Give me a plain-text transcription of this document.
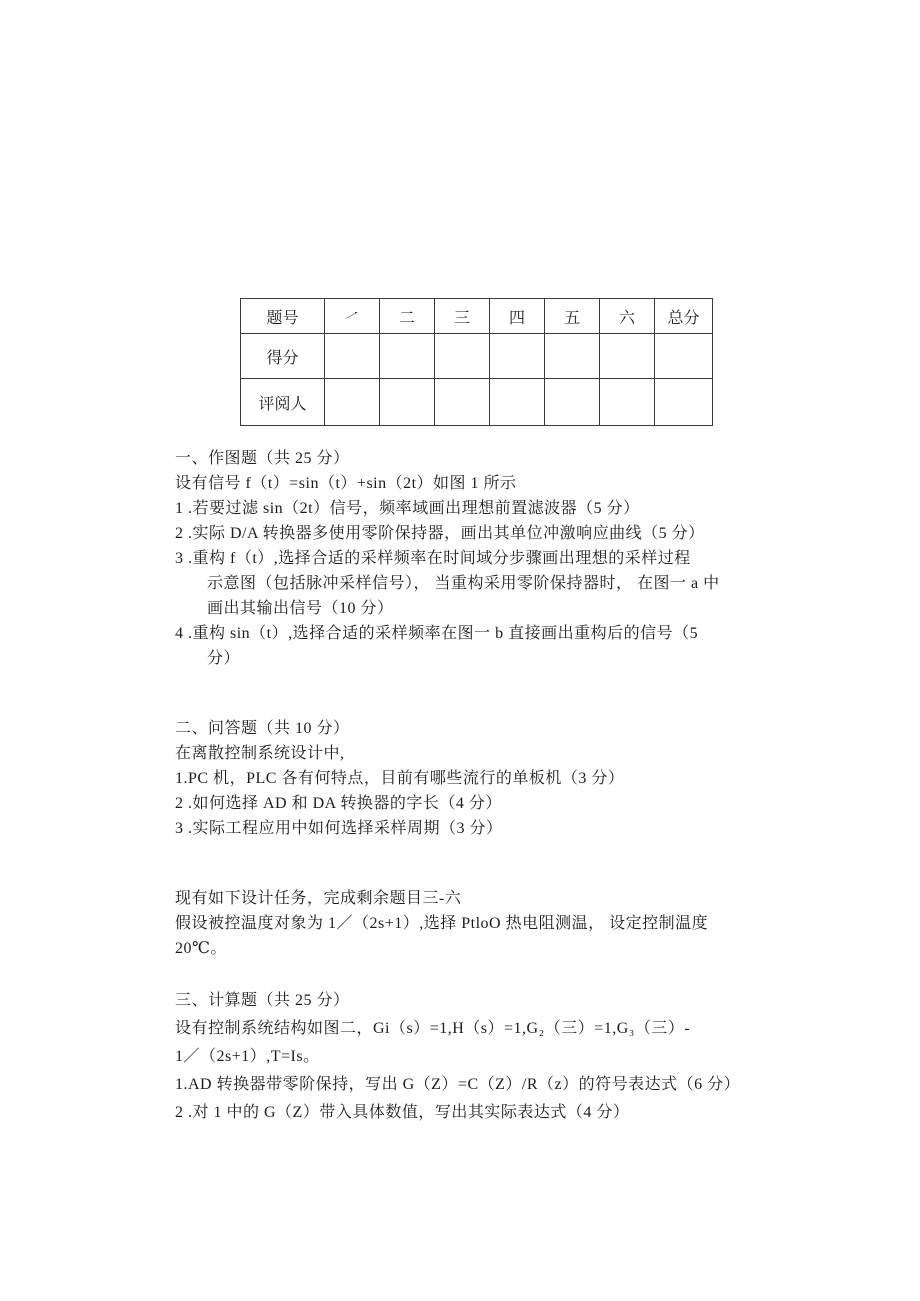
题号	一	二	三	四	五	六	总分
得分							
评阅人							
一、作图题（共 25 分）
设有信号 f（t）=sin（t）+sin（2t）如图 1 所示
1 .若要过滤 sin（2t）信号，频率域画出理想前置滤波器（5 分）
2 .实际 D/A 转换器多使用零阶保持器，画出其单位冲激响应曲线（5 分）
3 .重构 f（t）,选择合适的采样频率在时间域分步骤画出理想的采样过程
示意图（包括脉冲采样信号）， 当重构采用零阶保持器时， 在图一 a 中
画出其输出信号（10 分）
4 .重构 sin（t）,选择合适的采样频率在图一 b 直接画出重构后的信号（5
分）
二、问答题（共 10 分）
在离散控制系统设计中,
1.PC 机，PLC 各有何特点，目前有哪些流行的单板机（3 分）
2 .如何选择 AD 和 DA 转换器的字长（4 分）
3 .实际工程应用中如何选择采样周期（3 分）
现有如下设计任务，完成剩余题目三-六
假设被控温度对象为 1／（2s+1）,选择 PtloO 热电阻测温， 设定控制温度
20℃。
三、计算题（共 25 分）
设有控制系统结构如图二，Gi（s）=1,H（s）=1,G₂（三）=1,G₃（三）-
1／（2s+1）,T=Is。
1.AD 转换器带零阶保持，写出 G（Z）=C（Z）/R（z）的符号表达式（6 分）
2 .对 1 中的 G（Z）带入具体数值，写出其实际表达式（4 分）
